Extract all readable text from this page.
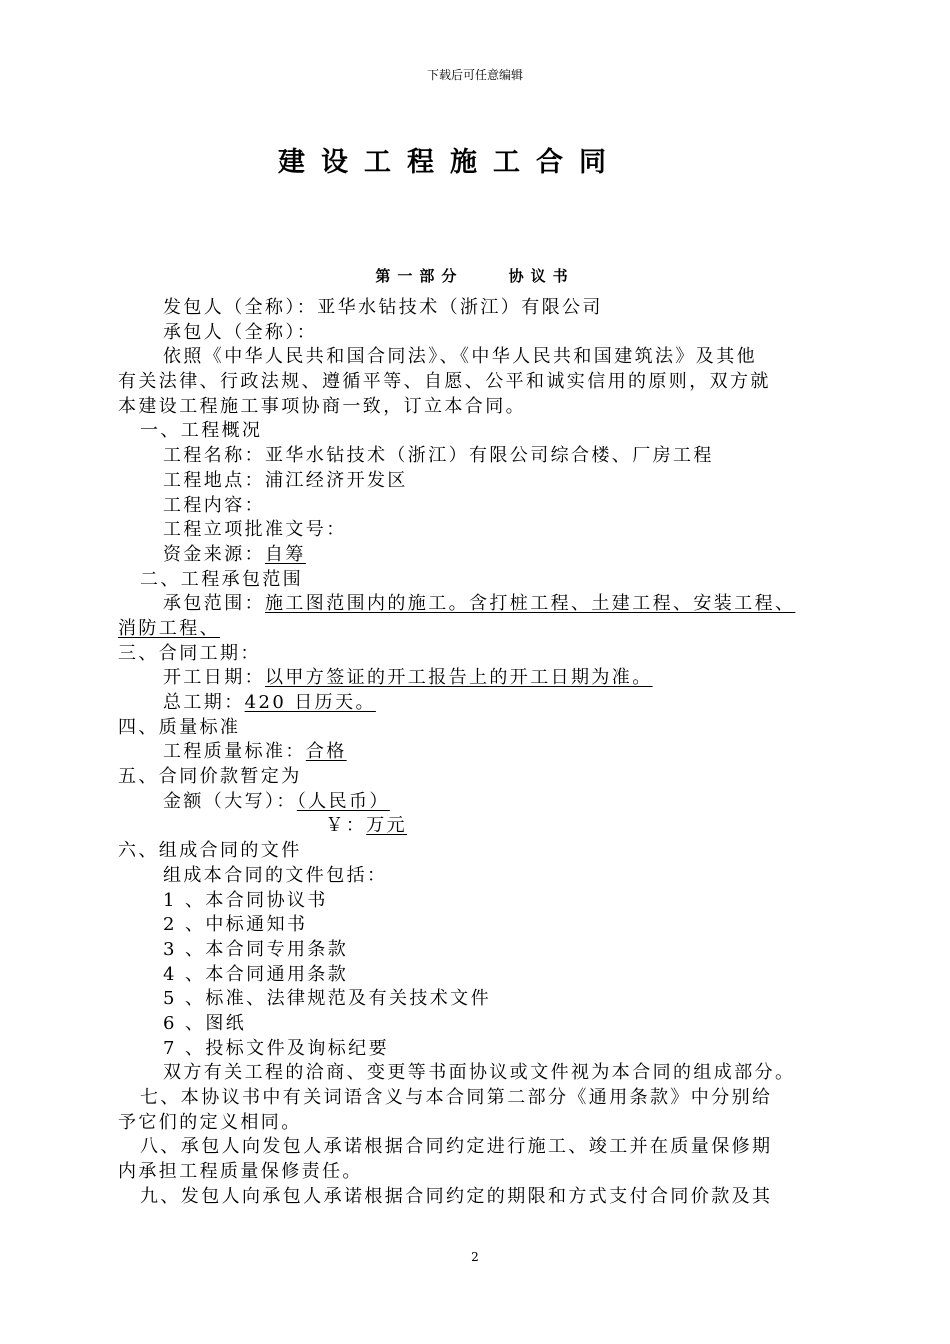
下载后可任意编辑
建设工程施工合同
第一部分	协议书
发包人（全称）：亚华水钻技术（浙江）有限公司
承包人（全称）：
依照《中华人民共和国合同法》、《中华人民共和国建筑法》及其他
有关法律、行政法规、遵循平等、自愿、公平和诚实信用的原则，双方就
本建设工程施工事项协商一致，订立本合同。
一、工程概况
工程名称：亚华水钻技术（浙江）有限公司综合楼、厂房工程
工程地点：浦江经济开发区
工程内容：
工程立项批准文号：
资金来源：自筹
二、工程承包范围
承包范围：施工图范围内的施工。含打桩工程、土建工程、安装工程、
消防工程、
三、合同工期：
开工日期：以甲方签证的开工报告上的开工日期为准。
总工期：420 日历天。
四、质量标准
工程质量标准：合格
五、合同价款暂定为
金额（大写）：（人民币）
￥：万元
六、组成合同的文件
组成本合同的文件包括：
1 、本合同协议书
2 、中标通知书
3 、本合同专用条款
4 、本合同通用条款
5 、标准、法律规范及有关技术文件
6 、图纸
7 、投标文件及询标纪要
双方有关工程的洽商、变更等书面协议或文件视为本合同的组成部分。
七、本协议书中有关词语含义与本合同第二部分《通用条款》中分别给
予它们的定义相同。
八、承包人向发包人承诺根据合同约定进行施工、竣工并在质量保修期
内承担工程质量保修责任。
九、发包人向承包人承诺根据合同约定的期限和方式支付合同价款及其
2
